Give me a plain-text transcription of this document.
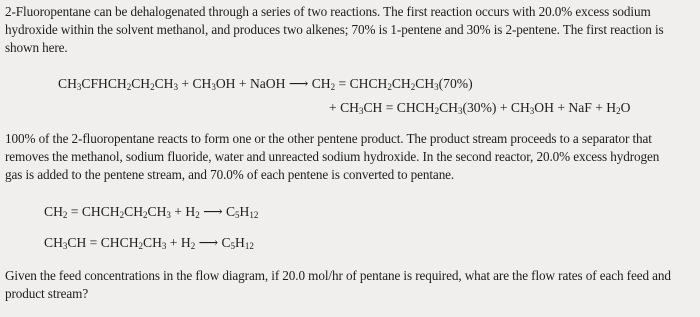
2-Fluoropentane can be dehalogenated through a series of two reactions. The first reaction occurs with 20.0% excess sodium
hydroxide within the solvent methanol, and produces two alkenes; 70% is 1-pentene and 30% is 2-pentene. The first reaction is
shown here.
$CH_3CFHCH_2CH_2CH_3 + CH_3OH$ + NaOH ⟶ $CH_2$ = $CHCH_2CH_2CH_3(70\%)$
+ $CH_3CH$ = $CHCH_2CH_3(30\%) + CH_3OH$ + NaF + $H_2O$
100% of the 2-fluoropentane reacts to form one or the other pentene product. The product stream proceeds to a separator that
removes the methanol, sodium fluoride, water and unreacted sodium hydroxide. In the second reactor, 20.0% excess hydrogen
gas is added to the pentene stream, and 70.0% of each pentene is converted to pentane.
$CH_2$ = $CHCH_2CH_2CH_3 + H_2$ ⟶ $C_5H_{12}$
$CH_3CH$ = $CHCH_2CH_3 + H_2$ ⟶ $C_5H_{12}$
Given the feed concentrations in the flow diagram, if 20.0 mol/hr of pentane is required, what are the flow rates of each feed and
product stream?
